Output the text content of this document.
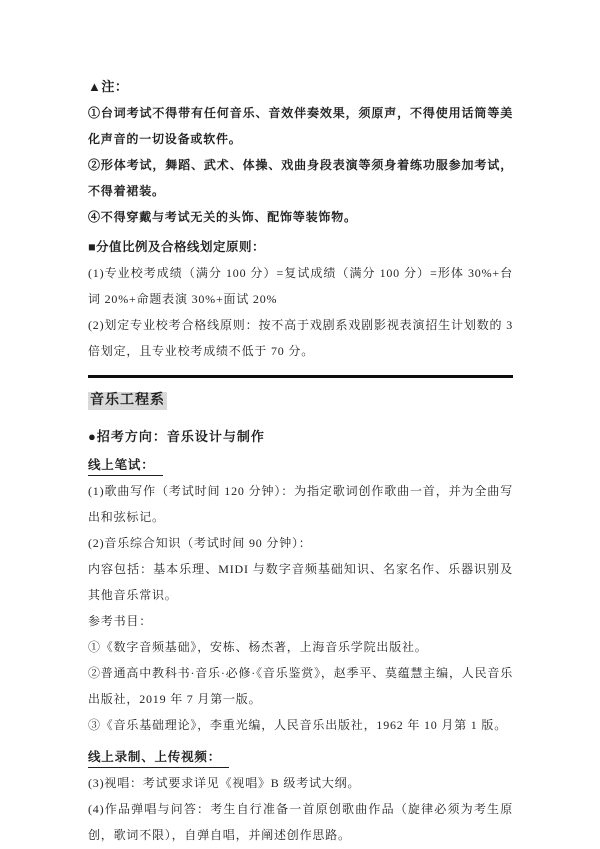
▲注：

①台词考试不得带有任何音乐、音效伴奏效果，须原声，不得使用话筒等美化声音的一切设备或软件。

②形体考试，舞蹈、武术、体操、戏曲身段表演等须身着练功服参加考试，不得着裙装。

④不得穿戴与考试无关的头饰、配饰等装饰物。

■分值比例及合格线划定原则：

(1)专业校考成绩（满分 100 分）=复试成绩（满分 100 分）=形体 30%+台词 20%+命题表演 30%+面试 20%

(2)划定专业校考合格线原则：按不高于戏剧系戏剧影视表演招生计划数的 3 倍划定，且专业校考成绩不低于 70 分。

音乐工程系

●招考方向：音乐设计与制作

线上笔试：

(1)歌曲写作（考试时间 120 分钟）：为指定歌词创作歌曲一首，并为全曲写出和弦标记。

(2)音乐综合知识（考试时间 90 分钟）：

内容包括：基本乐理、MIDI 与数字音频基础知识、名家名作、乐器识别及其他音乐常识。

参考书目：

①《数字音频基础》，安栋、杨杰著，上海音乐学院出版社。

②普通高中教科书·音乐·必修·《音乐鉴赏》，赵季平、莫蕴慧主编，人民音乐出版社，2019 年 7 月第一版。

③《音乐基础理论》，李重光编，人民音乐出版社，1962 年 10 月第 1 版。

线上录制、上传视频：

(3)视唱：考试要求详见《视唱》B 级考试大纲。

(4)作品弹唱与问答：考生自行准备一首原创歌曲作品（旋律必须为考生原创，歌词不限），自弹自唱，并阐述创作思路。
